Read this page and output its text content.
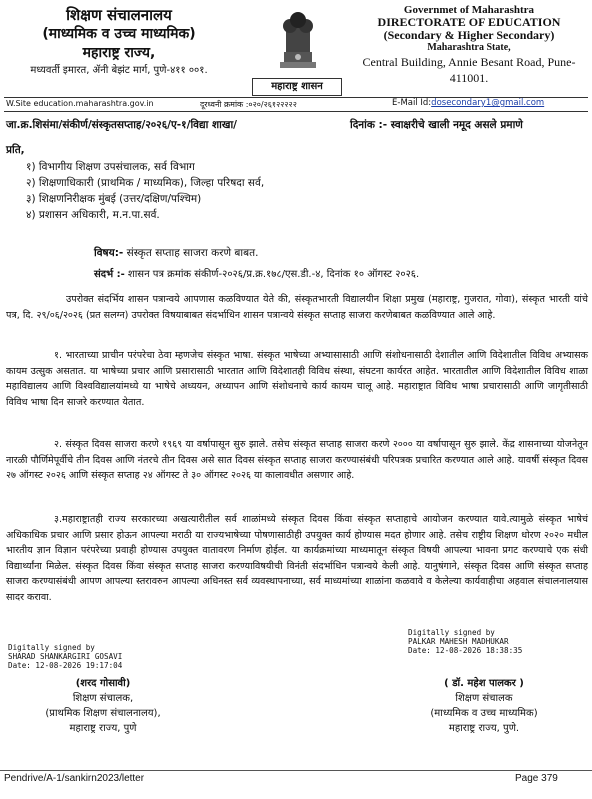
शिक्षण संचालनालय
(माध्यमिक व उच्च माध्यमिक)
महाराष्ट्र राज्य,
मध्यवर्ती इमारत, ॲनी बेझंट मार्ग, पुणे-४११ ००१.
महाराष्ट्र शासन
Governmet of Maharashtra
DIRECTORATE OF EDUCATION
(Secondary & Higher Secondary)
Maharashtra State,
Central Building, Annie Besant Road, Pune-
411001.
W.Site education.maharashtra.gov.in	दूरध्वनी क्रमांक :०२०/२६१२२२२२	E-Mail Id:dosecondary1@gmail.com
जा.क्र.शिसंमा/संकीर्ण/संस्कृतसप्ताह/२०२६/ए-१/विद्या शाखा/	दिनांक :- स्वाक्षरीचे खाली नमूद असले प्रमाणे
प्रति,
१) विभागीय शिक्षण उपसंचालक, सर्व विभाग
२) शिक्षणाधिकारी (प्राथमिक / माध्यमिक), जिल्हा परिषदा सर्व,
३) शिक्षणनिरीक्षक मुंबई (उत्तर/दक्षिण/पश्चिम)
४) प्रशासन अधिकारी, म.न.पा.सर्व.
विषय:- संस्कृत सप्ताह साजरा करणे बाबत.
संदर्भ :- शासन पत्र क्रमांक संकीर्ण-२०२६/प्र.क्र.१७८/एस.डी.-४, दिनांक १० ऑगस्ट २०२६.
उपरोक्त संदर्भिय शासन पत्रान्वये आपणास कळविण्यात येते की, संस्कृतभारती विद्यालयीन शिक्षा प्रमुख (महाराष्ट्र, गुजरात, गोवा), संस्कृत भारती यांचे पत्र, दि. २९/०६/२०२६ (प्रत सलग्न) उपरोक्त विषयाबाबत संदर्भाधिन शासन पत्रान्वये संस्कृत सप्ताह साजरा करणेबाबत कळविण्यात आले आहे.
१. भारताच्या प्राचीन परंपरेचा ठेवा म्हणजेच संस्कृत भाषा. संस्कृत भाषेच्या अभ्यासासाठी आणि संशोधनासाठी देशातील आणि विदेशातील विविध अभ्यासक कायम उत्सुक असतात. या भाषेच्या प्रचार आणि प्रसारासाठी भारतात आणि विदेशातही विविध संस्था, संघटना कार्यरत आहेत. भारतातील आणि विदेशातील विविध शाळा महाविद्यालय आणि विश्वविद्यालयांमध्ये या भाषेचे अध्ययन, अध्यापन आणि संशोधनाचे कार्य कायम चालू आहे. महाराष्ट्रात विविध भाषा प्रचारासाठी आणि जागृतीसाठी विविध भाषा दिन साजरे करण्यात येतात.
२. संस्कृत दिवस साजरा करणे १९६९ या वर्षापासून सुरु झाले. तसेच संस्कृत सप्ताह साजरा करणे २००० या वर्षापासून सुरु झाले. केंद्र शासनाच्या योजनेतून नारळी पौर्णिमेपूर्वीचे तीन दिवस आणि नंतरचे तीन दिवस असे सात दिवस संस्कृत सप्ताह साजरा करण्यासंबंधी परिपत्रक प्रचारित करण्यात आले आहे. यावर्षी संस्कृत दिवस २७ ऑगस्ट २०२६ आणि संस्कृत सप्ताह २४ ऑगस्ट ते ३० ऑगस्ट २०२६ या कालावधीत असणार आहे.
३.महाराष्ट्रातही राज्य सरकारच्या अखत्यारीतील सर्व शाळांमध्ये संस्कृत दिवस किंवा संस्कृत सप्ताहाचे आयोजन करण्यात यावे.त्यामुळे संस्कृत भाषेचं अधिकाधिक प्रचार आणि प्रसार होऊन आपल्या मराठी या राज्यभाषेच्या पोषणासाठीही उपयुक्त कार्य होण्यास मदत होणार आहे. तसेच राष्ट्रीय शिक्षण धोरण २०२० मधील भारतीय ज्ञान विज्ञान परंपरेच्या प्रवाही होण्यास उपयुक्त वातावरण निर्माण होईल. या कार्यक्रमांच्या माध्यमातून संस्कृत विषयी आपल्या भावना प्रगट करण्याचे एक संधी विद्यार्थ्यांना मिळेल. संस्कृत दिवस किंवा संस्कृत सप्ताह साजरा करण्याविषयीची विनंती संदर्भाधिन पत्रान्वये केली आहे. यानुषंगाने, संस्कृत दिवस आणि संस्कृत सप्ताह साजरा करण्यासंबंधी आपण आपल्या स्तरावरुन आपल्या अधिनस्त सर्व व्यवस्थापनाच्या, सर्व माध्यमांच्या शाळांना कळवावे व केलेल्या कार्यवाहीचा अहवाल संचालनालयास सादर करावा.
Digitally signed by
PALKAR MAHESH MADHUKAR
Date: 12-08-2026 18:38:35
Digitally signed by
SHARAD SHANKARGIRI GOSAVI
Date: 12-08-2026 19:17:04
(शरद गोसावी)
शिक्षण संचालक,
(प्राथमिक शिक्षण संचालनालय),
महाराष्ट्र राज्य, पुणे
( डॉ. महेश पालकर )
शिक्षण संचालक
(माध्यमिक व उच्च माध्यमिक)
महाराष्ट्र राज्य, पुणे.
Pendrive/A-1/sankirn2023/letter	Page 379
